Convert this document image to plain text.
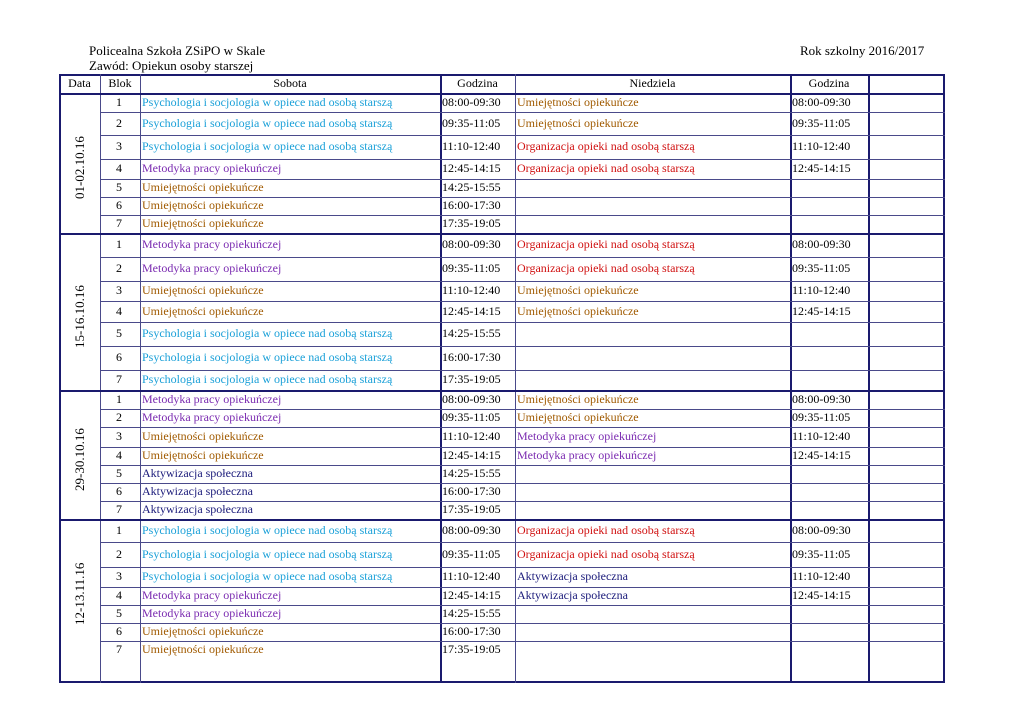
Policealna Szkoła ZSiPO w Skale
Zawód: Opiekun osoby starszej
Rok szkolny 2016/2017
Data	Blok	Sobota	Godzina	Niedziela	Godzina
01-02.10.16
1 Psychologia i socjologia w opiece nad osobą starszą	08:00-09:30 Umiejętności opiekuńcze	08:00-09:30
2 Psychologia i socjologia w opiece nad osobą starszą	09:35-11:05 Umiejętności opiekuńcze	09:35-11:05
3 Psychologia i socjologia w opiece nad osobą starszą	11:10-12:40 Organizacja opieki nad osobą starszą	11:10-12:40
4 Metodyka pracy opiekuńczej	12:45-14:15 Organizacja opieki nad osobą starszą	12:45-14:15
5 Umiejętności opiekuńcze	14:25-15:55
6 Umiejętności opiekuńcze	16:00-17:30
7 Umiejętności opiekuńcze	17:35-19:05
15-16.10.16
1 Metodyka pracy opiekuńczej	08:00-09:30 Organizacja opieki nad osobą starszą	08:00-09:30
2 Metodyka pracy opiekuńczej	09:35-11:05 Organizacja opieki nad osobą starszą	09:35-11:05
3 Umiejętności opiekuńcze	11:10-12:40 Umiejętności opiekuńcze	11:10-12:40
4 Umiejętności opiekuńcze	12:45-14:15 Umiejętności opiekuńcze	12:45-14:15
5 Psychologia i socjologia w opiece nad osobą starszą	14:25-15:55
6 Psychologia i socjologia w opiece nad osobą starszą	16:00-17:30
7 Psychologia i socjologia w opiece nad osobą starszą	17:35-19:05
29-30.10.16
1 Metodyka pracy opiekuńczej	08:00-09:30 Umiejętności opiekuńcze	08:00-09:30
2 Metodyka pracy opiekuńczej	09:35-11:05 Umiejętności opiekuńcze	09:35-11:05
3 Umiejętności opiekuńcze	11:10-12:40 Metodyka pracy opiekuńczej	11:10-12:40
4 Umiejętności opiekuńcze	12:45-14:15 Metodyka pracy opiekuńczej	12:45-14:15
5 Aktywizacja społeczna	14:25-15:55
6 Aktywizacja społeczna	16:00-17:30
7 Aktywizacja społeczna	17:35-19:05
12-13.11.16
1 Psychologia i socjologia w opiece nad osobą starszą	08:00-09:30 Organizacja opieki nad osobą starszą	08:00-09:30
2 Psychologia i socjologia w opiece nad osobą starszą	09:35-11:05 Organizacja opieki nad osobą starszą	09:35-11:05
3 Psychologia i socjologia w opiece nad osobą starszą	11:10-12:40 Aktywizacja społeczna	11:10-12:40
4 Metodyka pracy opiekuńczej	12:45-14:15 Aktywizacja społeczna	12:45-14:15
5 Metodyka pracy opiekuńczej	14:25-15:55
6 Umiejętności opiekuńcze	16:00-17:30
7 Umiejętności opiekuńcze	17:35-19:05
